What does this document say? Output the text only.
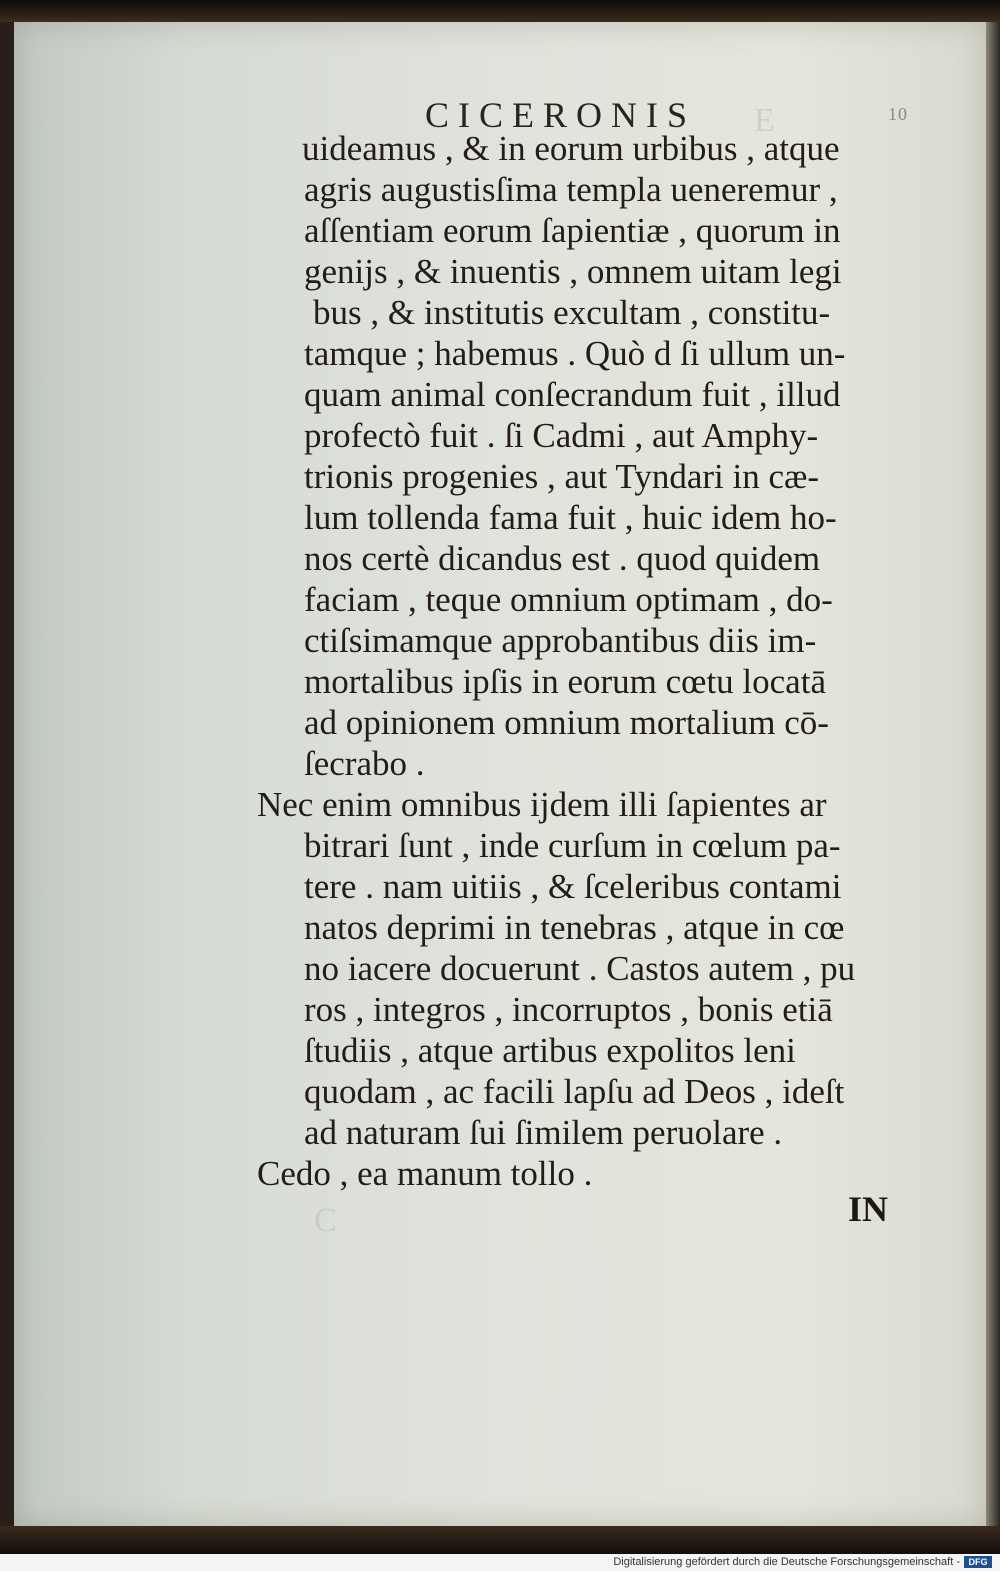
E
C
CICERONIS	10
uideamus , & in eorum urbibus , atque
agris augustisſima templa ueneremur ,
aſſentiam eorum ſapientiæ , quorum in
genijs , & inuentis , omnem uitam legi
bus , & institutis excultam , constitu-
tamque ; habemus . Quò d ſi ullum un-
quam animal conſecrandum fuit , illud
profectò fuit . ſi Cadmi , aut Amphy-
trionis progenies , aut Tyndari in cæ-
lum tollenda fama fuit , huic idem ho-
nos certè dicandus est . quod quidem
faciam , teque omnium optimam , do-
ctiſsimamque approbantibus diis im-
mortalibus ipſis in eorum cœtu locatā
ad opinionem omnium mortalium cō-
ſecrabo .
Nec enim omnibus ijdem illi ſapientes ar
bitrari ſunt , inde curſum in cœlum pa-
tere . nam uitiis , & ſceleribus contami
natos deprimi in tenebras , atque in cœ
no iacere docuerunt . Castos autem , pu
ros , integros , incorruptos , bonis etiā
ſtudiis , atque artibus expolitos leni
quodam , ac facili lapſu ad Deos , ideſt
ad naturam ſui ſimilem peruolare .
Cedo , ea manum tollo .
IN
Digitalisierung gefördert durch die Deutsche Forschungsgemeinschaft - DFG
